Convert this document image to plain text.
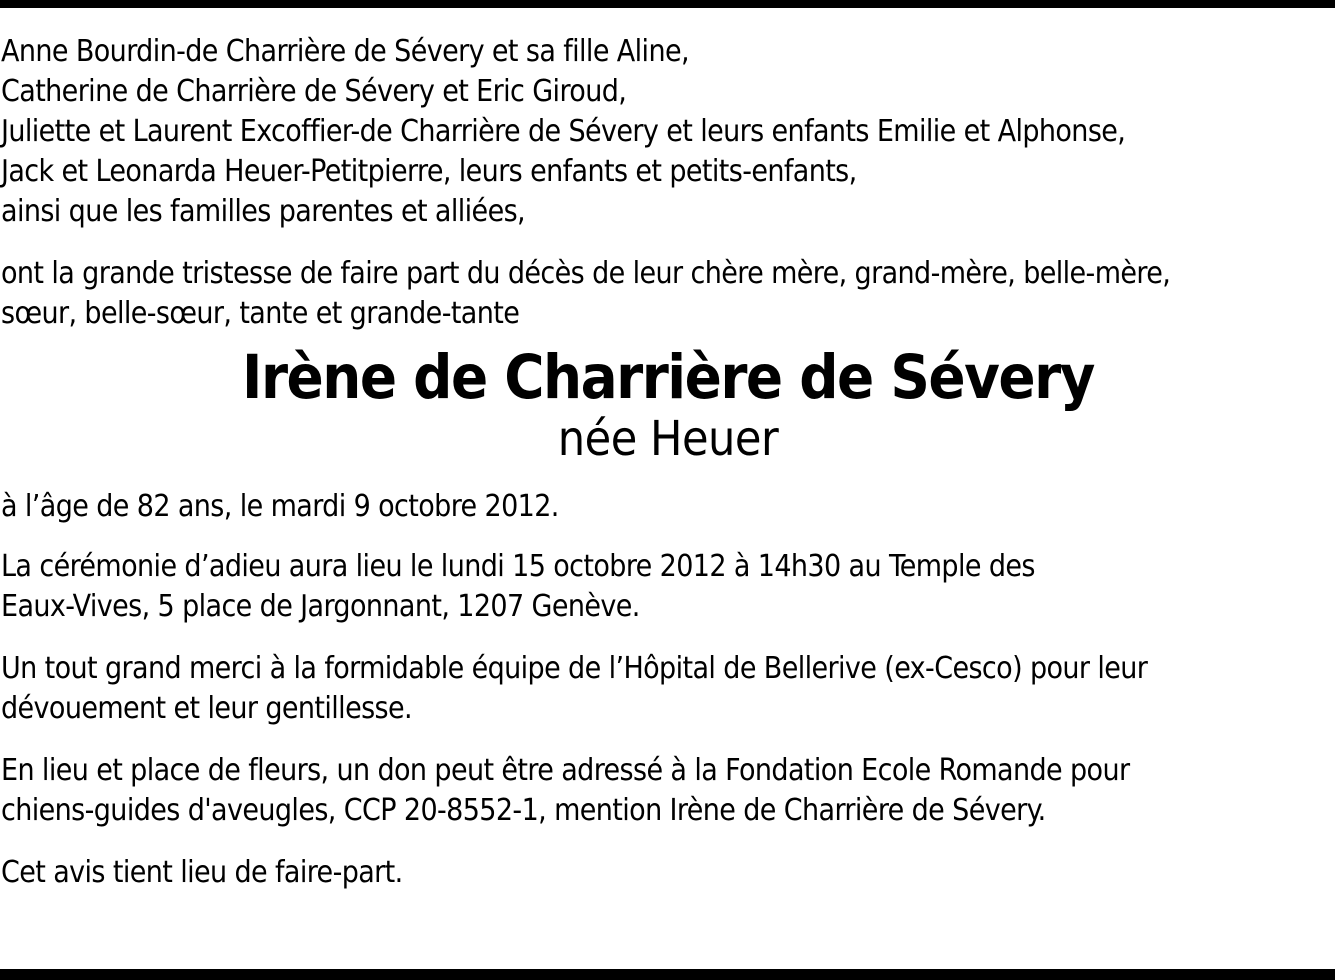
Anne Bourdin-de Charrière de Sévery et sa fille Aline,
Catherine de Charrière de Sévery et Eric Giroud,
Juliette et Laurent Excoffier-de Charrière de Sévery et leurs enfants Emilie et Alphonse,
Jack et Leonarda Heuer-Petitpierre, leurs enfants et petits-enfants,
ainsi que les familles parentes et alliées,

ont la grande tristesse de faire part du décès de leur chère mère, grand-mère, belle-mère,
sœur, belle-sœur, tante et grande-tante

Irène de Charrière de Sévery
née Heuer

à l’âge de 82 ans, le mardi 9 octobre 2012.

La cérémonie d’adieu aura lieu le lundi 15 octobre 2012 à 14h30 au Temple des
Eaux-Vives, 5 place de Jargonnant, 1207 Genève.

Un tout grand merci à la formidable équipe de l’Hôpital de Bellerive (ex-Cesco) pour leur
dévouement et leur gentillesse.

En lieu et place de fleurs, un don peut être adressé à la Fondation Ecole Romande pour
chiens-guides d'aveugles, CCP 20-8552-1, mention Irène de Charrière de Sévery.

Cet avis tient lieu de faire-part.
